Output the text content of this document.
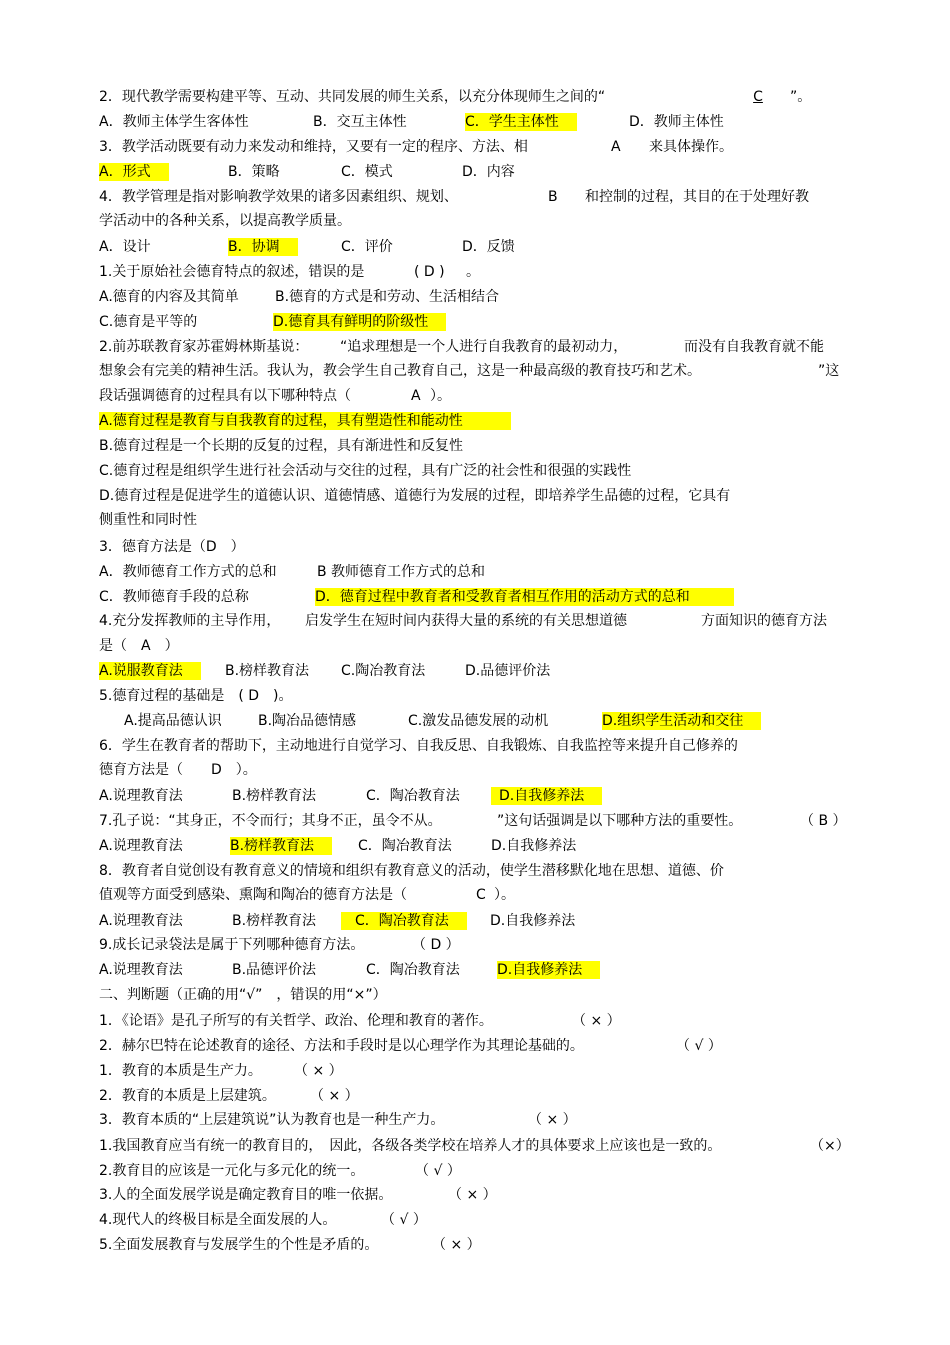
2．现代教学需要构建平等、互动、共同发展的师生关系，以充分体现师生之间的“	C	”。
A．教师主体学生客体性	B．交互主体性	C．学生主体性	D．教师主体性
3．教学活动既要有动力来发动和维持，又要有一定的程序、方法、相	A 来具体操作。
A．形式	B．策略	C．模式	D．内容
4．教学管理是指对影响教学效果的诸多因素组织、规划、	B 和控制的过程，其目的在于处理好教
学活动中的各种关系，以提高教学质量。
A．设计	B．协调	C．评价	D．反馈
1.关于原始社会德育特点的叙述，错误的是	( D ) 。
A.德育的内容及其简单	B.德育的方式是和劳动、生活相结合
C.德育是平等的	D.德育具有鲜明的阶级性
2.前苏联教育家苏霍姆林斯基说： “追求理想是一个人进行自我教育的最初动力，	而没有自我教育就不能
想象会有完美的精神生活。我认为，教会学生自己教育自己，这是一种最高级的教育技巧和艺术。	”这
段话强调德育的过程具有以下哪种特点（	A ）。
A.德育过程是教育与自我教育的过程，具有塑造性和能动性
B.德育过程是一个长期的反复的过程，具有渐进性和反复性
C.德育过程是组织学生进行社会活动与交往的过程，具有广泛的社会性和很强的实践性
D.德育过程是促进学生的道德认识、道德情感、道德行为发展的过程，即培养学生品德的过程，它具有
侧重性和同时性
3．德育方法是（D　）
A．教师德育工作方式的总和	B 教师德育工作方式的总和
C．教师德育手段的总称	D．德育过程中教育者和受教育者相互作用的活动方式的总和
4.充分发挥教师的主导作用， 启发学生在短时间内获得大量的系统的有关思想道德	方面知识的德育方法
是（　A　）
A.说服教育法	B.榜样教育法 C.陶冶教育法	D.品德评价法
5.德育过程的基础是　( D　)。
A.提高品德认识	B.陶冶品德情感	C.激发品德发展的动机	D.组织学生活动和交往
6．学生在教育者的帮助下，主动地进行自觉学习、自我反思、自我锻炼、自我监控等来提升自己修养的
德育方法是（　　D　）。
A.说理教育法	B.榜样教育法	C．陶冶教育法	D.自我修养法
7.孔子说：“其身正，不令而行；其身不正，虽令不从。	”这句话强调是以下哪种方法的重要性。	（ B ）
A.说理教育法	B.榜样教育法	C．陶冶教育法	D.自我修养法
8．教育者自觉创设有教育意义的情境和组织有教育意义的活动，使学生潜移默化地在思想、道德、价
值观等方面受到感染、熏陶和陶冶的德育方法是（	C ）。
A.说理教育法	B.榜样教育法	C．陶冶教育法	D.自我修养法
9.成长记录袋法是属于下列哪种德育方法。	（ D ）
A.说理教育法	B.品德评价法	C．陶冶教育法	D.自我修养法
二、判断题（正确的用“√”　，错误的用“×”）
1．《论语》是孔子所写的有关哲学、政治、伦理和教育的著作。	（ × ）
2．赫尔巴特在论述教育的途径、方法和手段时是以心理学作为其理论基础的。	（ √ ）
1．教育的本质是生产力。 （ × ）
2．教育的本质是上层建筑。 （ × ）
3．教育本质的“上层建筑说”认为教育也是一种生产力。	（ × ）
1.我国教育应当有统一的教育目的，　因此，各级各类学校在培养人才的具体要求上应该也是一致的。	（×）
2.教育目的应该是一元化与多元化的统一。	（ √ ）
3.人的全面发展学说是确定教育目的唯一依据。	（ × ）
4.现代人的终极目标是全面发展的人。	（ √ ）
5.全面发展教育与发展学生的个性是矛盾的。	（ × ）
